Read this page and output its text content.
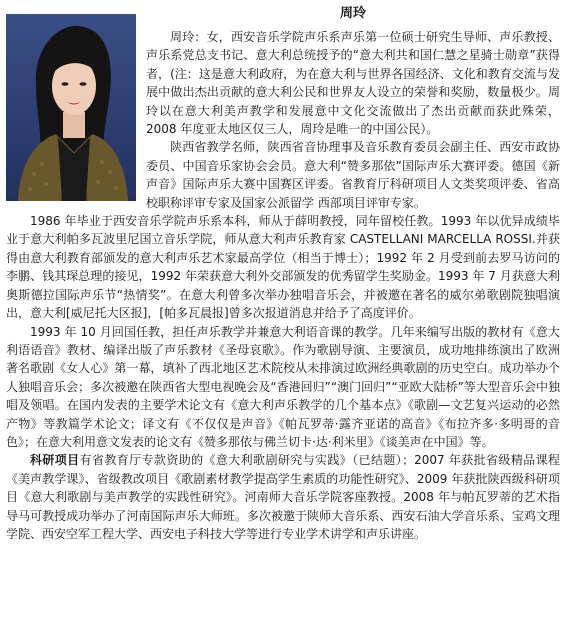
周玲

周玲：女，西安音乐学院声乐系声乐第一位硕士研究生导师、声乐教授、声乐系党总支书记、意大利总统授予的“意大利共和国仁慧之星骑士勋章”获得者，(注：这是意大利政府，为在意大利与世界各国经济、文化和教育交流与发展中做出杰出贡献的意大利公民和世界友人设立的荣誉和奖励，数量极少。周玲以在意大利美声教学和发展意中文化交流做出了杰出贡献而获此殊荣，2008 年度亚太地区仅三人，周玲是唯一的中国公民）。

陕西省教学名师，陕西省音协理事及音乐教育委员会副主任、西安市政协委员、中国音乐家协会会员。意大利“赞多那依”国际声乐大赛评委。德国《新声音》国际声乐大赛中国赛区评委。省教育厅科研项目人文类奖项评委、省高校职称评审专家及国家公派留学 西部项目评审专家。

1986 年毕业于西安音乐学院声乐系本科，师从于薛明教授，同年留校任教。1993 年以优异成绩毕业于意大利帕多瓦波里尼国立音乐学院，师从意大利声乐教育家 CASTELLANI MARCELLA ROSSI.并获得由意大利教育部颁发的意大利声乐艺术家最高学位（相当于博士）；1992 年 2 月受到前去罗马访问的李鹏、钱其琛总理的接见，1992 年荣获意大利外交部颁发的优秀留学生奖励金。1993 年 7 月获意大利奥斯德拉国际声乐节“热情奖”。在意大利曾多次举办独唱音乐会，并被邀在著名的威尔弟歌剧院独唱演出，意大利[威尼托大区报]，[帕多瓦晨报]曾多次报道消息并给予了高度评价。

1993 年 10 月回国任教，担任声乐教学并兼意大利语音课的教学。几年来编写出版的教材有《意大利语语音》教材、编译出版了声乐教材《圣母哀歌》。作为歌剧导演、主要演员，成功地排练演出了欧洲著名歌剧《女人心》第一幕，填补了西北地区艺术院校从未排演过欧洲经典歌剧的历史空白。成功举办个人独唱音乐会；多次被邀在陕西省大型电视晚会及“香港回归”“澳门回归”“亚欧大陆桥”等大型音乐会中独唱及领唱。在国内发表的主要学术论文有《意大利声乐教学的几个基本点》《歌剧—文艺复兴运动的必然产物》等教篇学术论文；译文有《不仅仅是声音》《帕瓦罗蒂·露齐亚诺的高音》《布拉齐多·多明哥的音色》；在意大利用意文发表的论文有《赞多那依与佛兰切卡·达·利米里》《谈美声在中国》等。

科研项目有省教育厅专款资助的《意大利歌剧研究与实践》（已结题）；2007 年获批省级精品课程《美声教学课》、省级教改项目《歌剧素材教学提高学生素质的功能性研究》、2009 年获批陕西级科研项目《意大利歌剧与美声教学的实践性研究》。河南师大音乐学院客座教授。2008 年与帕瓦罗蒂的艺术指导马可教授成功举办了河南国际声乐大师班。多次被邀于陕师大音乐系、西安石油大学音乐系、宝鸡文理学院、西安空军工程大学、西安电子科技大学等进行专业学术讲学和声乐讲座。
